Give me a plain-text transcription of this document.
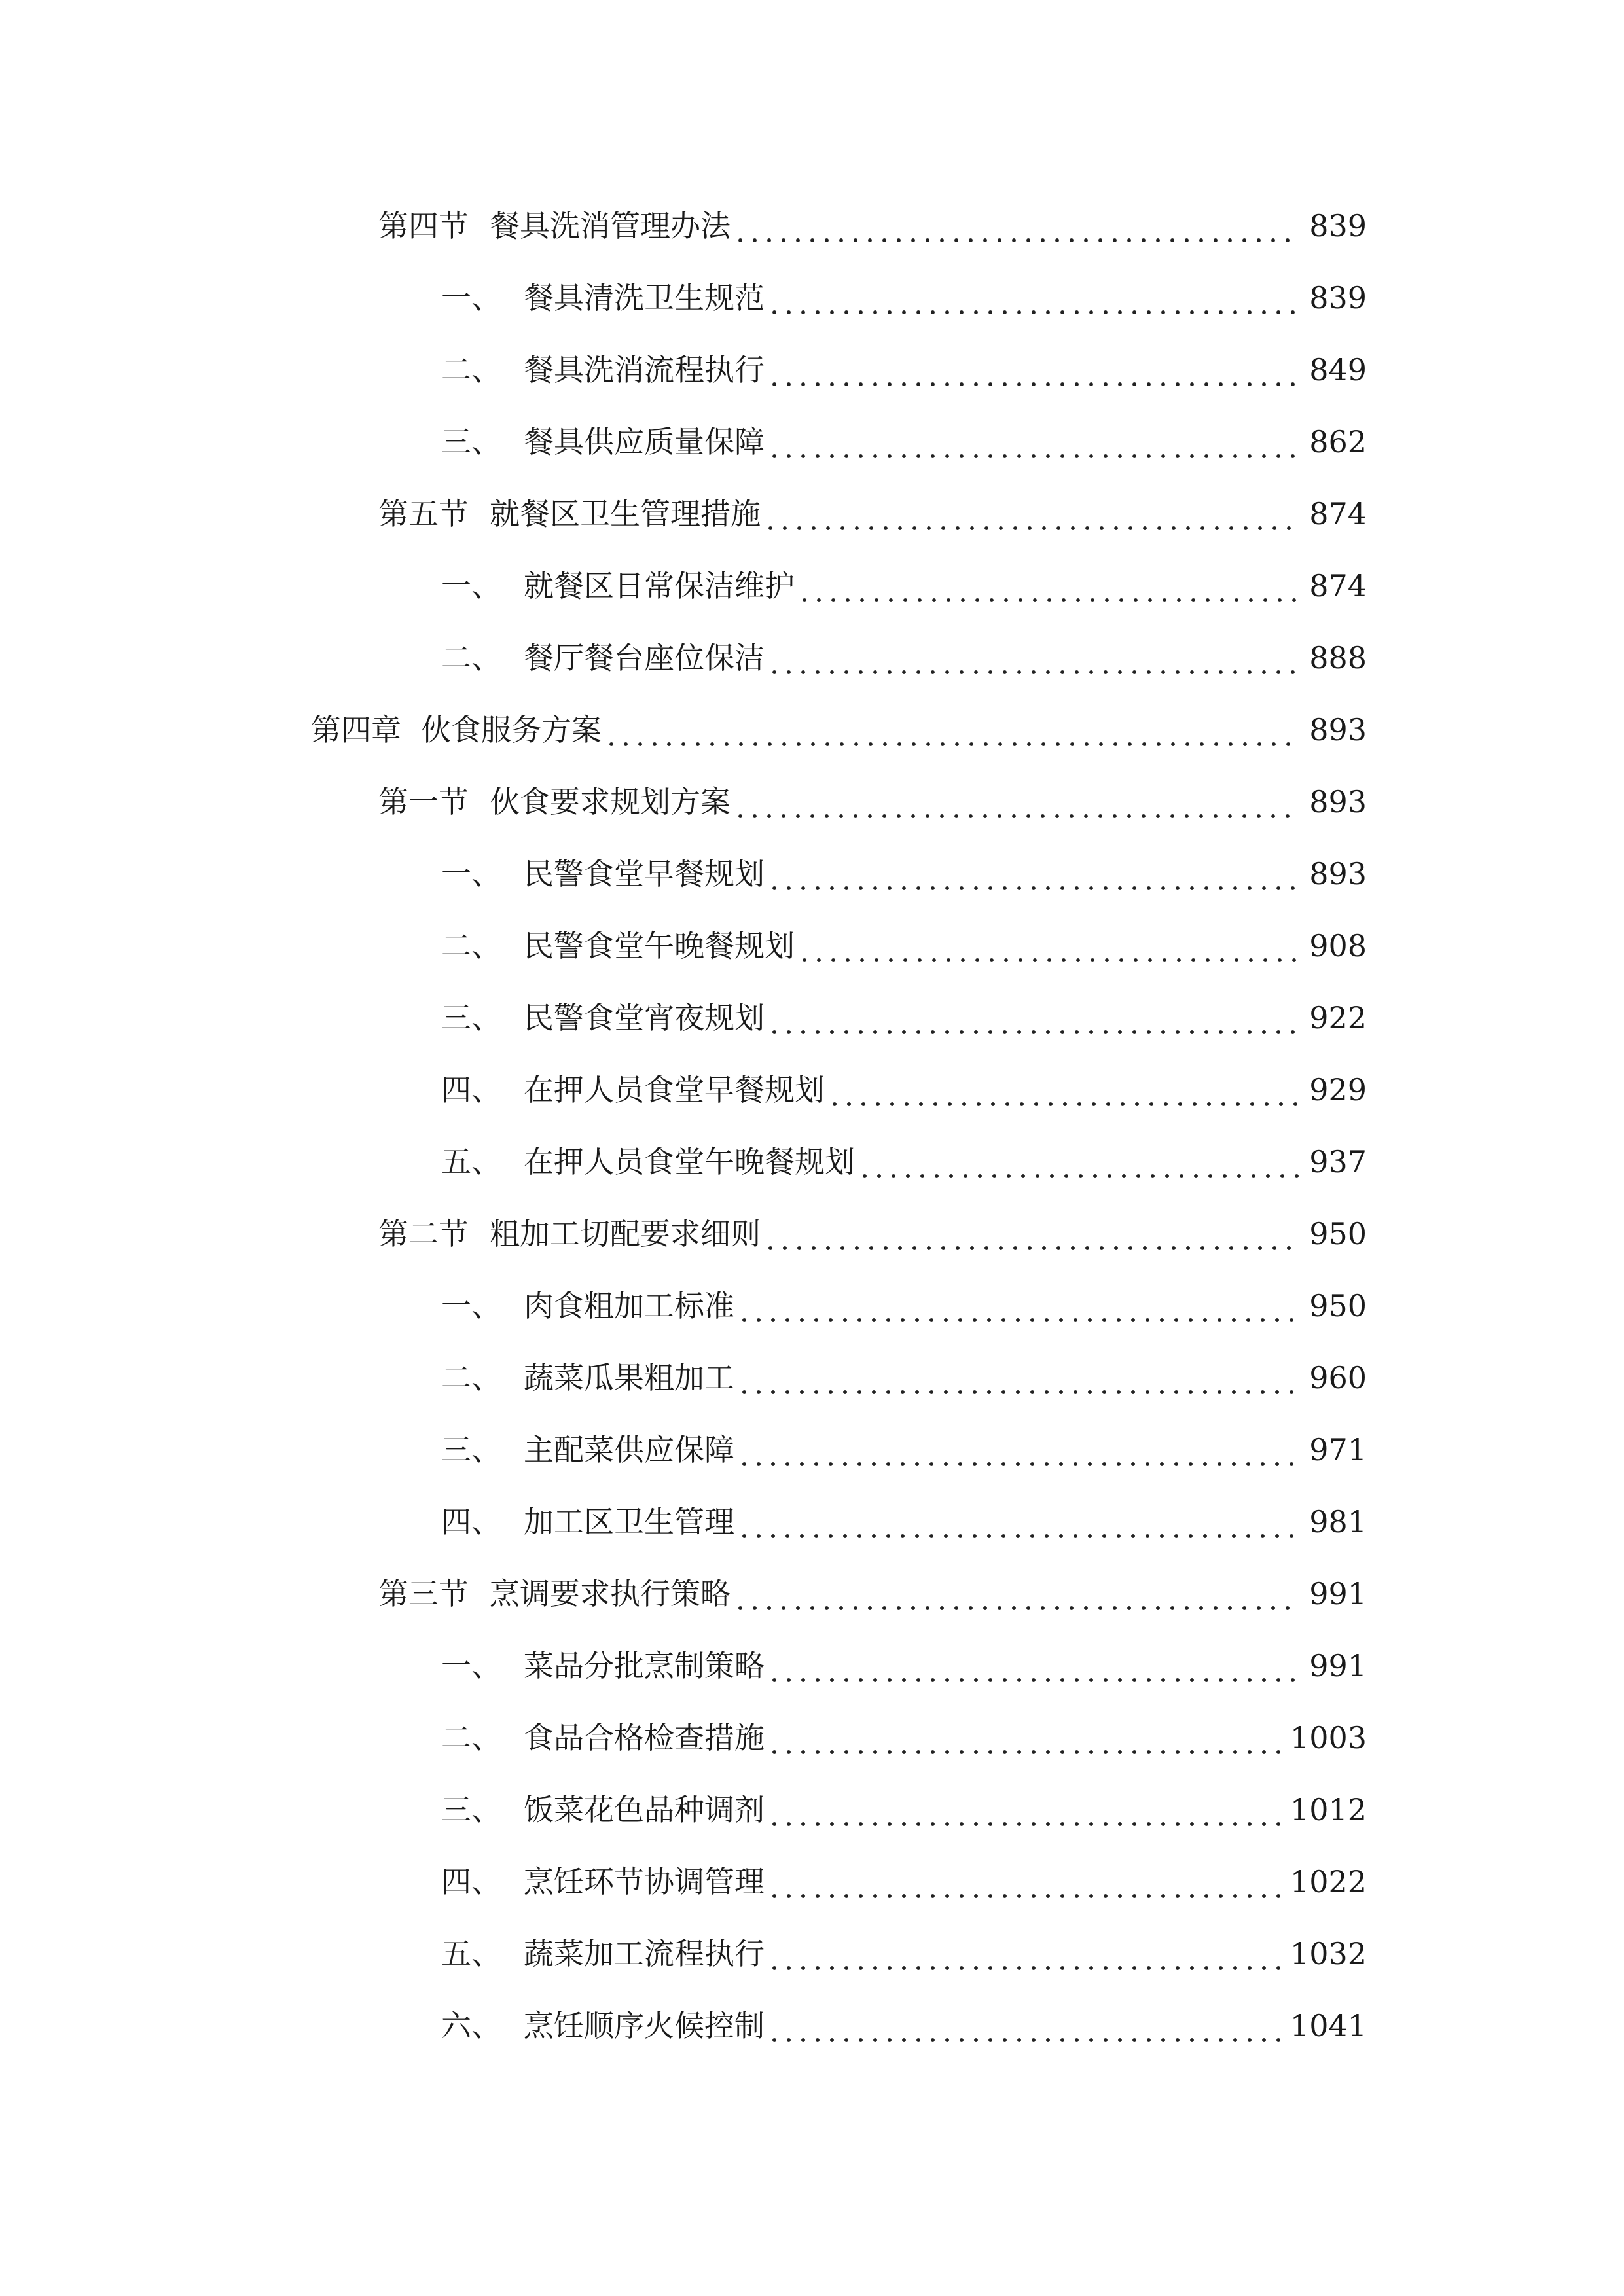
第四节 餐具洗消管理办法	839
一、 餐具清洗卫生规范	839
二、 餐具洗消流程执行	849
三、 餐具供应质量保障	862
第五节 就餐区卫生管理措施	874
一、 就餐区日常保洁维护	874
二、 餐厅餐台座位保洁	888
第四章 伙食服务方案	893
第一节 伙食要求规划方案	893
一、 民警食堂早餐规划	893
二、 民警食堂午晚餐规划	908
三、 民警食堂宵夜规划	922
四、 在押人员食堂早餐规划	929
五、 在押人员食堂午晚餐规划	937
第二节 粗加工切配要求细则	950
一、 肉食粗加工标准	950
二、 蔬菜瓜果粗加工	960
三、 主配菜供应保障	971
四、 加工区卫生管理	981
第三节 烹调要求执行策略	991
一、 菜品分批烹制策略	991
二、 食品合格检查措施	1003
三、 饭菜花色品种调剂	1012
四、 烹饪环节协调管理	1022
五、 蔬菜加工流程执行	1032
六、 烹饪顺序火候控制	1041
